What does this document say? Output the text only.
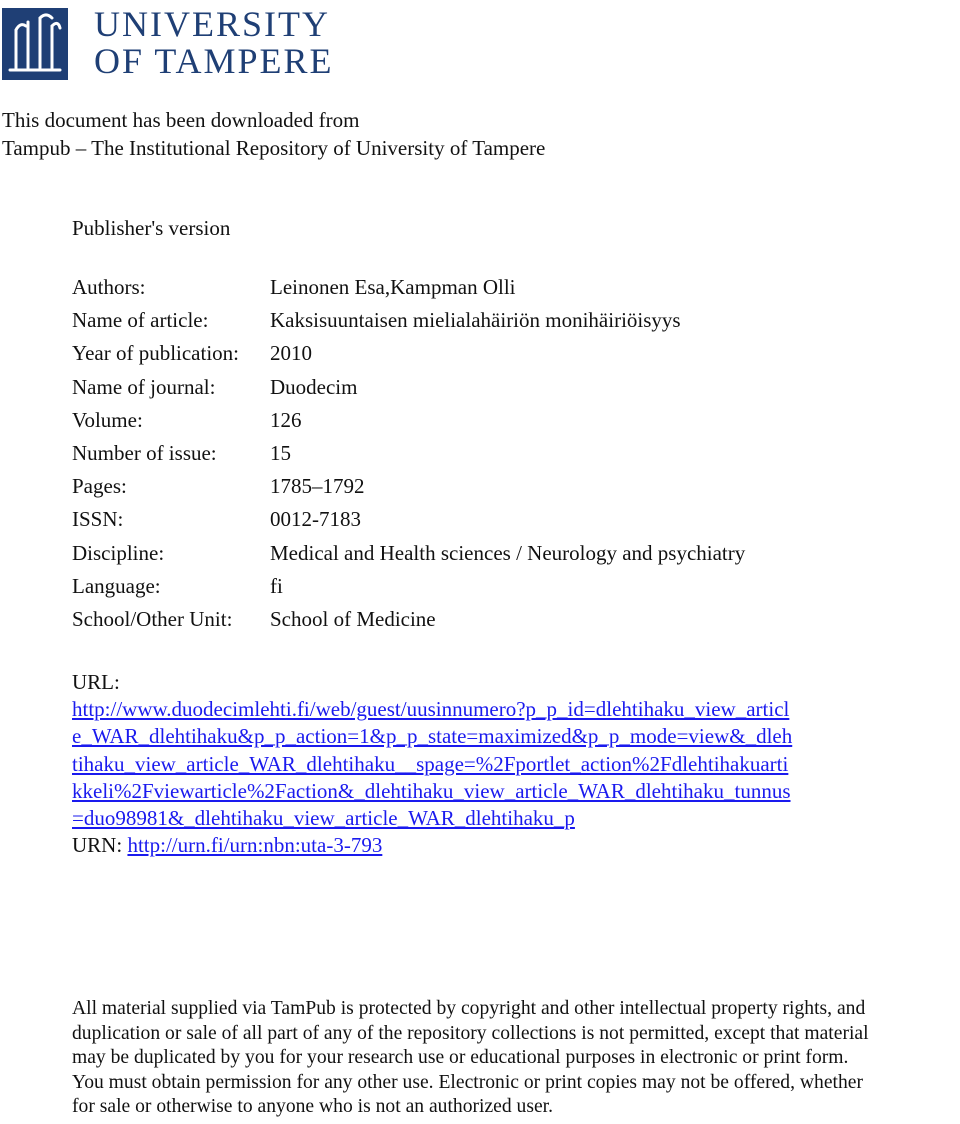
UNIVERSITY
OF TAMPERE
This document has been downloaded from
Tampub – The Institutional Repository of University of Tampere
Publisher's version
Authors:	Leinonen Esa,Kampman Olli
Name of article:	Kaksisuuntaisen mielialahäiriön monihäiriöisyys
Year of publication:	2010
Name of journal:	Duodecim
Volume:	126
Number of issue:	15
Pages:	1785–1792
ISSN:	0012-7183
Discipline:	Medical and Health sciences / Neurology and psychiatry
Language:	fi
School/Other Unit:	School of Medicine
URL:
http://www.duodecimlehti.fi/web/guest/uusinnumero?p_p_id=dlehtihaku_view_articl
e_WAR_dlehtihaku&p_p_action=1&p_p_state=maximized&p_p_mode=view&_dleh
tihaku_view_article_WAR_dlehtihaku__spage=%2Fportlet_action%2Fdlehtihakuarti
kkeli%2Fviewarticle%2Faction&_dlehtihaku_view_article_WAR_dlehtihaku_tunnus
=duo98981&_dlehtihaku_view_article_WAR_dlehtihaku_p
URN: http://urn.fi/urn:nbn:uta-3-793
All material supplied via TamPub is protected by copyright and other intellectual property rights, and
duplication or sale of all part of any of the repository collections is not permitted, except that material
may be duplicated by you for your research use or educational purposes in electronic or print form.
You must obtain permission for any other use. Electronic or print copies may not be offered, whether
for sale or otherwise to anyone who is not an authorized user.
